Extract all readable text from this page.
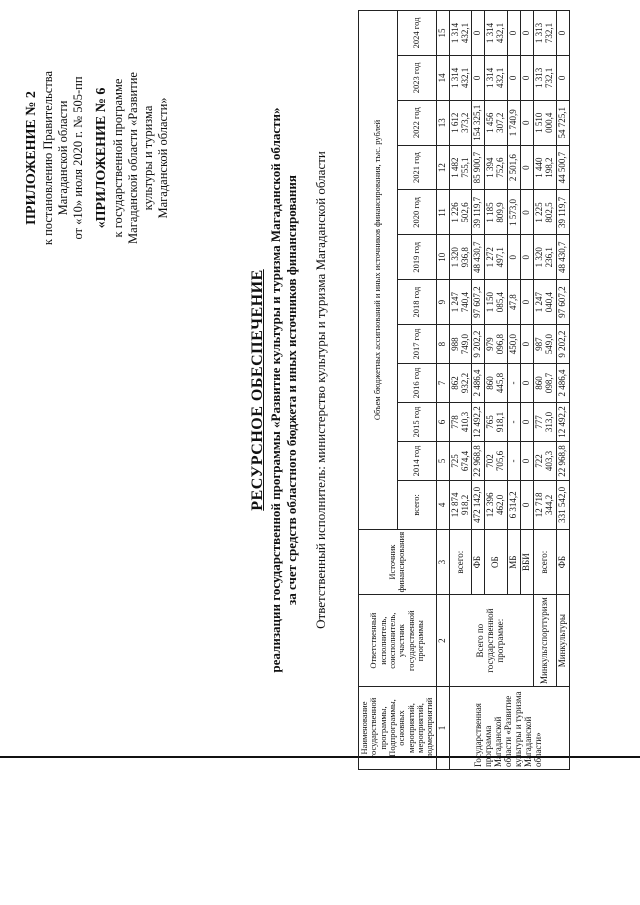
ПРИЛОЖЕНИЕ № 2 к постановлению Правительства Магаданской области от «10» июля 2020 г. № 505-пп «ПРИЛОЖЕНИЕ № 6 к государственной программе Магаданской области «Развитие культуры и туризма Магаданской области»
РЕСУРСНОЕ ОБЕСПЕЧЕНИЕ реализации государственной программы «Развитие культуры и туризма Магаданской области» за счет средств областного бюджета и иных источников финансирования Ответственный исполнитель: министерство культуры и туризма Магаданской области
Наименование государственной программы, Подпрограммы, основных мероприятий, мероприятий, подмероприятий	Ответственный исполнитель, соисполнитель, участник государственной программы	Источник финансирования	Объем бюджетных ассигнований и иных источников финансирования, тыс. рублей											
			всего:	2014 год	2015 год	2016 год	2017 год	2018 год	2019 год	2020 год	2021 год	2022 год	2023 год	2024 год
1	2	3	4	5	6	7	8	9	10	11	12	13	14	15
Государственная программа Магаданской области «Развитие культуры и туризма Магаданской области»	Всего по государственной программе:	всего:	12 874 918,2	725 674,4	778 410,3	862 932,2	988 749,0	1 247 740,4	1 320 936,8	1 226 502,6	1 482 755,1	1 612 373,2	1 314 432,1	1 314 432,1
		ФБ	472 142,0	22 968,8	12 492,2	2 486,4	9 202,2	97 607,2	48 430,7	39 119,7	85 900,7	154 325,1	0	0
		ОБ	12 396 462,0	702 705,6	765 918,1	860 445,8	979 096,8	1 150 085,4	1 272 497,1	1 185 809,9	1 394 752,6	1 456 307,2	1 314 432,1	1 314 432,1
		МБ	6 314,2	-	-	-	450,0	47,8	0	1 573,0	2 501,6	1 740,9	0	0
		ВБИ	0	0	0	0	0	0	0	0	0	0	0	0
	Минкультспорттуризм	всего:	12 718 344,2	722 403,3	777 313,0	860 098,7	987 549,0	1 247 040,4	1 320 236,1	1 225 802,5	1 440 198,2	1 510 000,4	1 313 732,1	1 313 732,1
	Минкультуры	ФБ	331 542,0	22 968,8	12 492,2	2 486,4	9 202,2	97 607,2	48 430,7	39 119,7	44 500,7	54 725,1	0	0
